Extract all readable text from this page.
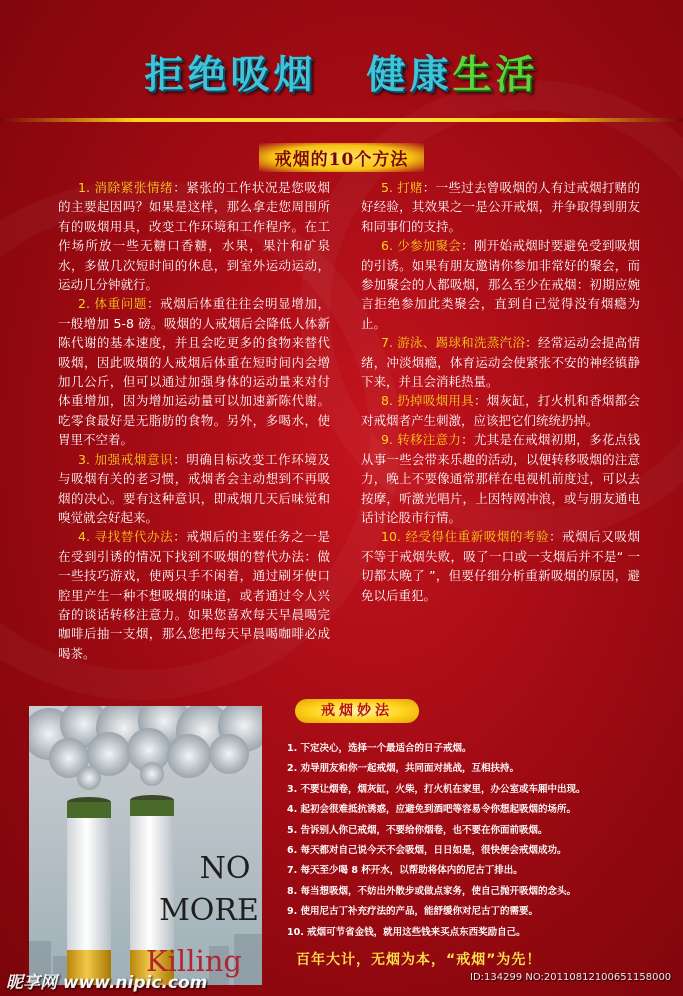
拒绝吸烟 健康生活
戒烟的10个方法

1. 消除紧张情绪：紧张的工作状况是您吸烟的主要起因吗？如果是这样，那么拿走您周围所有的吸烟用具，改变工作环境和工作程序。在工作场所放一些无糖口香糖，水果，果汁和矿泉水，多做几次短时间的休息，到室外运动运动，运动几分钟就行。

2. 体重问题：戒烟后体重往往会明显增加，一般增加 5-8 磅。吸烟的人戒烟后会降低人体新陈代谢的基本速度，并且会吃更多的食物来替代吸烟，因此吸烟的人戒烟后体重在短时间内会增加几公斤，但可以通过加强身体的运动量来对付体重增加，因为增加运动量可以加速新陈代谢。吃零食最好是无脂肪的食物。另外，多喝水，使胃里不空着。

3. 加强戒烟意识：明确目标改变工作环境及与吸烟有关的老习惯，戒烟者会主动想到不再吸烟的决心。要有这种意识，即戒烟几天后味觉和嗅觉就会好起来。

4. 寻找替代办法：戒烟后的主要任务之一是在受到引诱的情况下找到不吸烟的替代办法：做一些技巧游戏，使两只手不闲着，通过刷牙使口腔里产生一种不想吸烟的味道，或者通过令人兴奋的谈话转移注意力。如果您喜欢每天早晨喝完咖啡后抽一支烟，那么您把每天早晨喝咖啡必成喝茶。

5. 打赌：一些过去曾吸烟的人有过戒烟打赌的好经验，其效果之一是公开戒烟，并争取得到朋友和同事们的支持。

6. 少参加聚会：刚开始戒烟时要避免受到吸烟的引诱。如果有朋友邀请你参加非常好的聚会，而参加聚会的人都吸烟，那么至少在戒烟：初期应婉言拒绝参加此类聚会，直到自己觉得没有烟瘾为止。

7. 游泳、踢球和洗蒸汽浴：经常运动会提高情绪，冲淡烟瘾，体育运动会使紧张不安的神经镇静下来，并且会消耗热量。

8. 扔掉吸烟用具：烟灰缸，打火机和香烟都会对戒烟者产生刺激，应该把它们统统扔掉。

9. 转移注意力：尤其是在戒烟初期，多花点钱从事一些会带来乐趣的活动，以便转移吸烟的注意力，晚上不要像通常那样在电视机前度过，可以去按摩，听激光唱片，上因特网冲浪，或与朋友通电话讨论股市行情。

10. 经受得住重新吸烟的考验：戒烟后又吸烟不等于戒烟失败，吸了一口或一支烟后并不是“ 一切都太晚了 ”，但要仔细分析重新吸烟的原因，避免以后重犯。

NO
MORE
Killing
戒烟妙法
1. 下定决心，选择一个最适合的日子戒烟。
2. 劝导朋友和你一起戒烟，共同面对挑战，互相扶持。
3. 不要让烟卷，烟灰缸，火柴，打火机在家里，办公室或车厢中出现。
4. 起初会很难抵抗诱惑，应避免到酒吧等容易令你想起吸烟的场所。
5. 告诉别人你已戒烟，不要给你烟卷，也不要在你面前吸烟。
6. 每天都对自己说今天不会吸烟，日日如是，很快便会戒烟成功。
7. 每天至少喝 8 杯开水，以帮助将体内的尼古丁排出。
8. 每当想吸烟，不妨出外散步或做点家务，使自己抛开吸烟的念头。
9. 使用尼古丁补充疗法的产品，能舒缓你对尼古丁的需要。
10. 戒烟可节省金钱，就用这些钱来买点东西奖励自己。
百年大计，无烟为本，“戒烟”为先！
昵享网 www.nipic.com	ID:134299 NO:20110812100651158000
